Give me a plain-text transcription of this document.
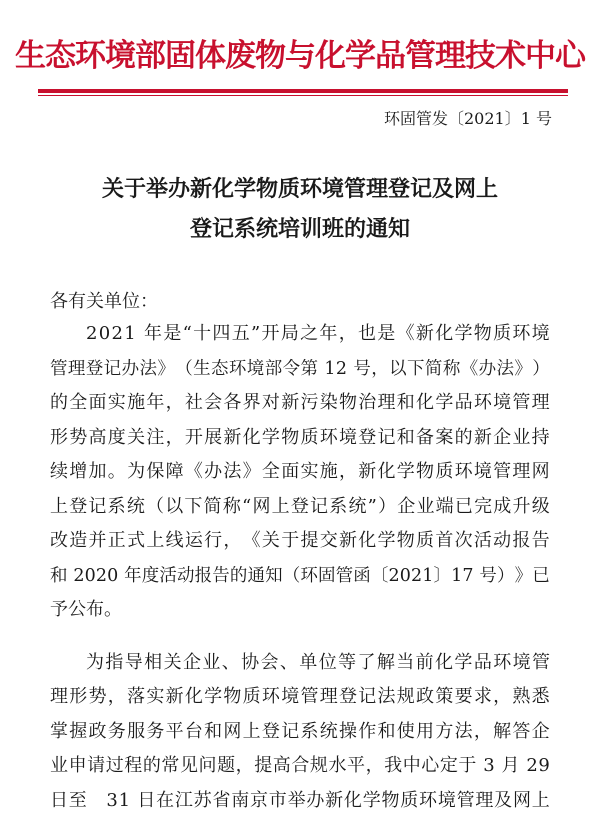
生态环境部固体废物与化学品管理技术中心
环固管发〔2021〕1 号
关于举办新化学物质环境管理登记及网上
登记系统培训班的通知
各有关单位：
2 0 2 1
年 是 “ 十 四 五 ” 开 局 之 年 ， 也 是 《 新 化 学 物 质 环 境
管 理 登 记 办 法 》 （ 生 态 环 境 部 令 第
1 2
号 ， 以 下 简 称 《 办 法 》 ）
的 全 面 实 施 年 ， 社 会 各 界 对 新 污 染 物 治 理 和 化 学 品 环 境 管 理
形 势 高 度 关 注 ， 开 展 新 化 学 物 质 环 境 登 记 和 备 案 的 新 企 业 持
续 增 加 。 为 保 障 《 办 法 》 全 面 实 施 ， 新 化 学 物 质 环 境 管 理 网
上 登 记 系 统 （ 以 下 简 称 “ 网 上 登 记 系 统 ” ） 企 业 端 已 完 成 升 级
改 造 并 正 式 上 线 运 行 ， 《 关 于 提 交 新 化 学 物 质 首 次 活 动 报 告
和
2 0 2 0
年 度 活 动 报 告 的 通 知 （ 环 固 管 函 〔 2 0 2 1 〕 1 7
号 ） 》 已
予公布。
为 指 导 相 关 企 业 、 协 会 、 单 位 等 了 解 当 前 化 学 品 环 境 管
理 形 势 ， 落 实 新 化 学 物 质 环 境 管 理 登 记 法 规 政 策 要 求 ， 熟 悉
掌 握 政 务 服 务 平 台 和 网 上 登 记 系 统 操 作 和 使 用 方 法 ， 解 答 企
业 申 请 过 程 的 常 见 问 题 ， 提 高 合 规 水 平 ， 我 中 心 定 于
3
月
2 9
日 至
　 3 1
日 在 江 苏 省 南 京 市 举 办 新 化 学 物 质 环 境 管 理 及 网 上
